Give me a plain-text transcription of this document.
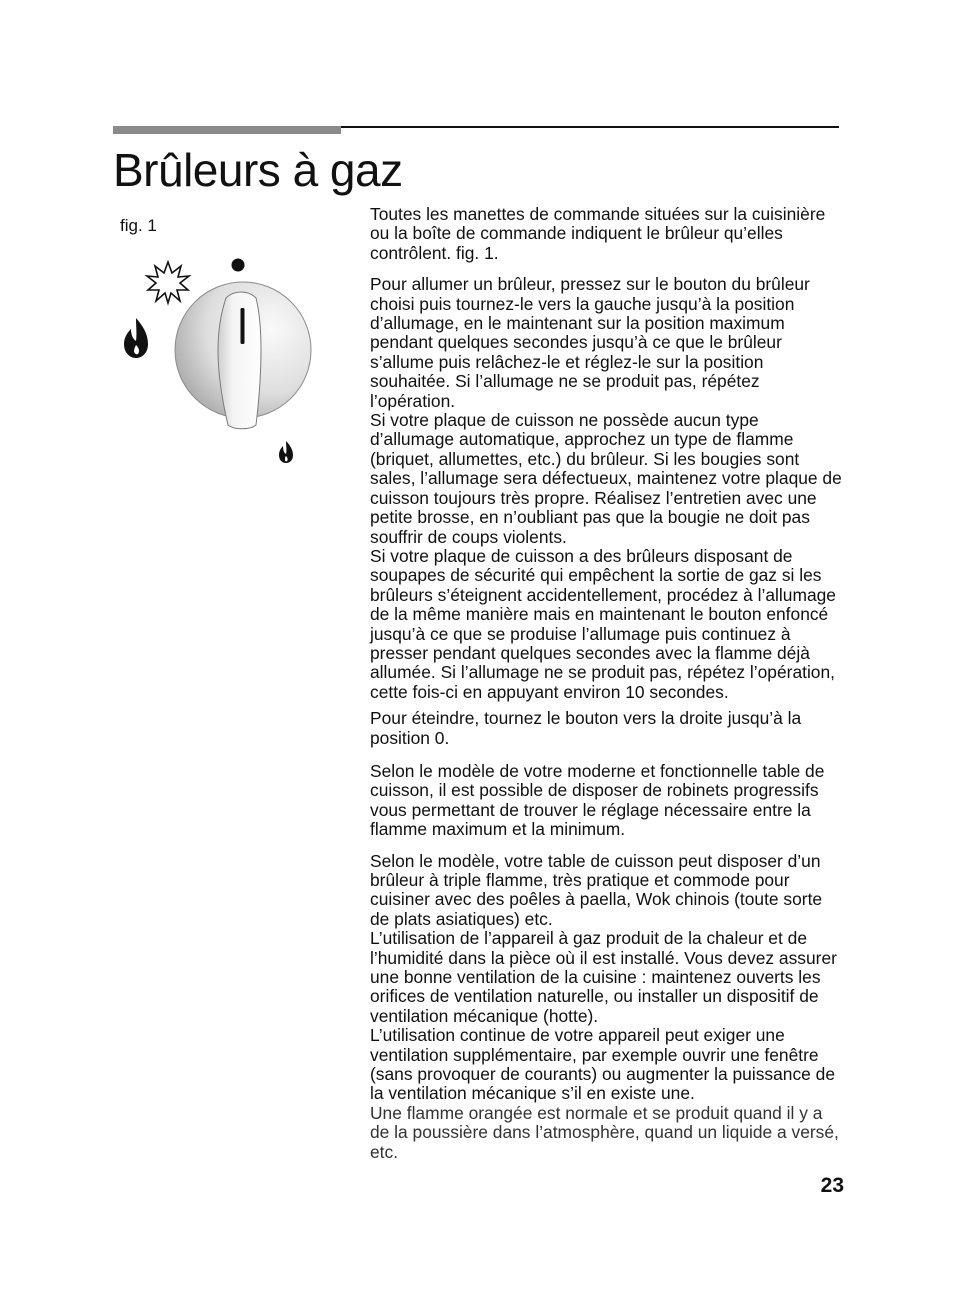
Brûleurs à gaz
fig. 1

Toutes les manettes de commande situées sur la cuisinière ou la boîte de commande indiquent le brûleur qu’elles contrôlent. fig. 1.

Pour allumer un brûleur, pressez sur le bouton du brûleur choisi puis tournez-le vers la gauche jusqu’à la position d’allumage, en le maintenant sur la position maximum pendant quelques secondes jusqu’à ce que le brûleur s’allume puis relâchez-le et réglez-le sur la position souhaitée. Si l’allumage ne se produit pas, répétez l’opération.

Si votre plaque de cuisson ne possède aucun type d’allumage automatique, approchez un type de flamme (briquet, allumettes, etc.) du brûleur. Si les bougies sont sales, l’allumage sera défectueux, maintenez votre plaque de cuisson toujours très propre. Réalisez l’entretien avec une petite brosse, en n’oubliant pas que la bougie ne doit pas souffrir de coups violents.

Si votre plaque de cuisson a des brûleurs disposant de soupapes de sécurité qui empêchent la sortie de gaz si les brûleurs s’éteignent accidentellement, procédez à l’allumage de la même manière mais en maintenant le bouton enfoncé jusqu’à ce que se produise l’allumage puis continuez à presser pendant quelques secondes avec la flamme déjà allumée. Si l’allumage ne se produit pas, répétez l’opération, cette fois-ci en appuyant environ 10 secondes.

Pour éteindre, tournez le bouton vers la droite jusqu’à la position 0.

Selon le modèle de votre moderne et fonctionnelle table de cuisson, il est possible de disposer de robinets progressifs vous permettant de trouver le réglage nécessaire entre la flamme maximum et la minimum.

Selon le modèle, votre table de cuisson peut disposer d’un brûleur à triple flamme, très pratique et commode pour cuisiner avec des poêles à paella, Wok chinois (toute sorte de plats asiatiques) etc.

L’utilisation de l’appareil à gaz produit de la chaleur et de l’humidité dans la pièce où il est installé. Vous devez assurer une bonne ventilation de la cuisine : maintenez ouverts les orifices de ventilation naturelle, ou installer un dispositif de ventilation mécanique (hotte).

L’utilisation continue de votre appareil peut exiger une ventilation supplémentaire, par exemple ouvrir une fenêtre (sans provoquer de courants) ou augmenter la puissance de la ventilation mécanique s’il en existe une.

Une flamme orangée est normale et se produit quand il y a de la poussière dans l’atmosphère, quand un liquide a versé, etc.

23
